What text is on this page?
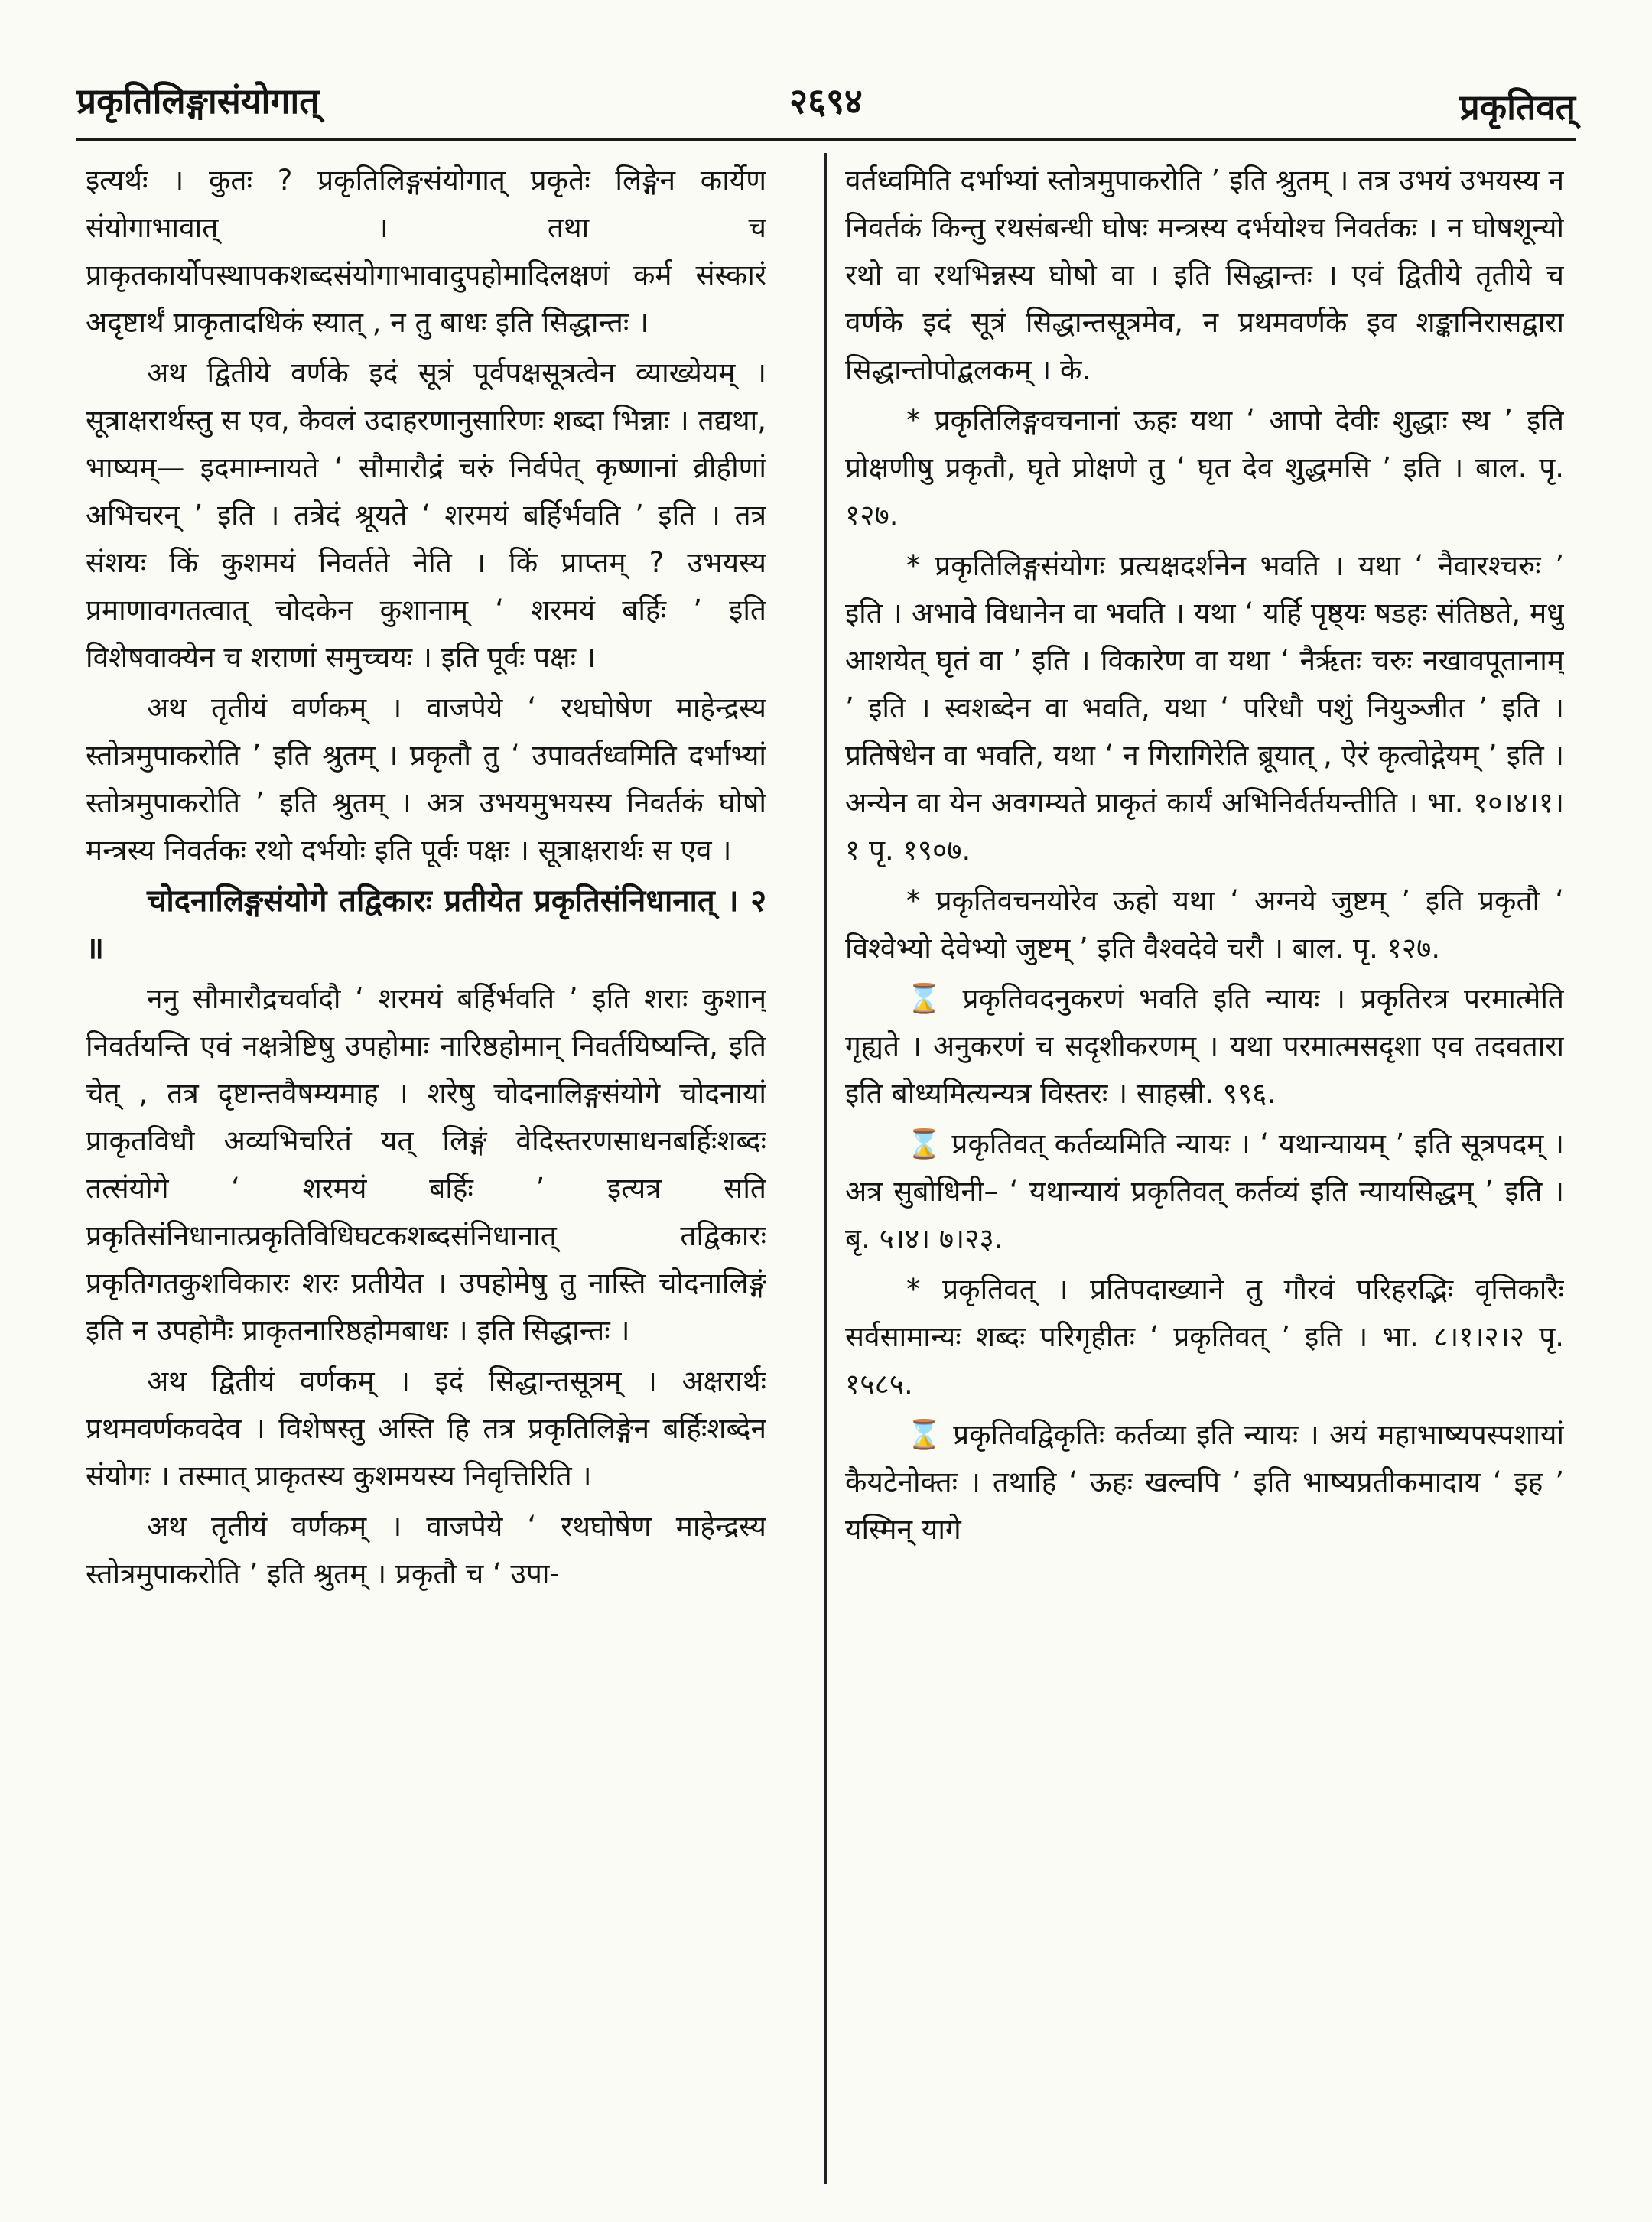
प्रकृतिलिङ्गासंयोगात्	२६९४	प्रकृतिवत्

इत्यर्थः । कुतः ? प्रकृतिलिङ्गसंयोगात् प्रकृतेः लिङ्गेन कार्येण संयोगाभावात् । तथा च प्राकृतकार्योपस्थापकशब्दसंयोगाभावादुपहोमादिलक्षणं कर्म संस्कारं अदृष्टार्थं प्राकृतादधिकं स्यात् , न तु बाधः इति सिद्धान्तः ।

अथ द्वितीये वर्णके इदं सूत्रं पूर्वपक्षसूत्रत्वेन व्याख्येयम् । सूत्राक्षरार्थस्तु स एव, केवलं उदाहरणानुसारिणः शब्दा भिन्नाः । तद्यथा, भाष्यम्— इदमाम्नायते ‘ सौमारौद्रं चरुं निर्वपेत् कृष्णानां व्रीहीणां अभिचरन् ’ इति । तत्रेदं श्रूयते ‘ शरमयं बर्हिर्भवति ’ इति । तत्र संशयः किं कुशमयं निवर्तते नेति । किं प्राप्तम् ? उभयस्य प्रमाणावगतत्वात् चोदकेन कुशानाम् ‘ शरमयं बर्हिः ’ इति विशेषवाक्येन च शराणां समुच्चयः । इति पूर्वः पक्षः ।

अथ तृतीयं वर्णकम् । वाजपेये ‘ रथघोषेण माहेन्द्रस्य स्तोत्रमुपाकरोति ’ इति श्रुतम् । प्रकृतौ तु ‘ उपावर्तध्वमिति दर्भाभ्यां स्तोत्रमुपाकरोति ’ इति श्रुतम् । अत्र उभयमुभयस्य निवर्तकं घोषो मन्त्रस्य निवर्तकः रथो दर्भयोः इति पूर्वः पक्षः । सूत्राक्षरार्थः स एव ।

चोदनालिङ्गसंयोगे तद्विकारः प्रतीयेत प्रकृतिसंनिधानात् । २ ॥

ननु सौमारौद्रचर्वादौ ‘ शरमयं बर्हिर्भवति ’ इति शराः कुशान् निवर्तयन्ति एवं नक्षत्रेष्टिषु उपहोमाः नारिष्ठहोमान् निवर्तयिष्यन्ति, इति चेत् , तत्र दृष्टान्तवैषम्यमाह । शरेषु चोदनालिङ्गसंयोगे चोदनायां प्राकृतविधौ अव्यभिचरितं यत् लिङ्गं वेदिस्तरणसाधनबर्हिःशब्दः तत्संयोगे ‘ शरमयं बर्हिः ’ इत्यत्र सति प्रकृतिसंनिधानात्प्रकृतिविधिघटकशब्दसंनिधानात् तद्विकारः प्रकृतिगतकुशविकारः शरः प्रतीयेत । उपहोमेषु तु नास्ति चोदनालिङ्गं इति न उपहोमैः प्राकृतनारिष्ठहोमबाधः । इति सिद्धान्तः ।

अथ द्वितीयं वर्णकम् । इदं सिद्धान्तसूत्रम् । अक्षरार्थः प्रथमवर्णकवदेव । विशेषस्तु अस्ति हि तत्र प्रकृतिलिङ्गेन बर्हिःशब्देन संयोगः । तस्मात् प्राकृतस्य कुशमयस्य निवृत्तिरिति ।

अथ तृतीयं वर्णकम् । वाजपेये ‘ रथघोषेण माहेन्द्रस्य स्तोत्रमुपाकरोति ’ इति श्रुतम् । प्रकृतौ च ‘ उपा-

वर्तध्वमिति दर्भाभ्यां स्तोत्रमुपाकरोति ’ इति श्रुतम् । तत्र उभयं उभयस्य न निवर्तकं किन्तु रथसंबन्धी घोषः मन्त्रस्य दर्भयोश्च निवर्तकः । न घोषशून्यो रथो वा रथभिन्नस्य घोषो वा । इति सिद्धान्तः । एवं द्वितीये तृतीये च वर्णके इदं सूत्रं सिद्धान्तसूत्रमेव, न प्रथमवर्णके इव शङ्कानिरासद्वारा सिद्धान्तोपोद्बलकम् । के.

* प्रकृतिलिङ्गवचनानां ऊहः यथा ‘ आपो देवीः शुद्धाः स्थ ’ इति प्रोक्षणीषु प्रकृतौ, घृते प्रोक्षणे तु ‘ घृत देव शुद्धमसि ’ इति । बाल. पृ. १२७.

* प्रकृतिलिङ्गसंयोगः प्रत्यक्षदर्शनेन भवति । यथा ‘ नैवारश्चरुः ’ इति । अभावे विधानेन वा भवति । यथा ‘ यर्हि पृष्ठ्यः षडहः संतिष्ठते, मधु आशयेत् घृतं वा ’ इति । विकारेण वा यथा ‘ नैर्ऋतः चरुः नखावपूतानाम् ’ इति । स्वशब्देन वा भवति, यथा ‘ परिधौ पशुं नियुञ्जीत ’ इति । प्रतिषेधेन वा भवति, यथा ‘ न गिरागिरेति ब्रूयात् , ऐरं कृत्वोद्गेयम् ’ इति । अन्येन वा येन अवगम्यते प्राकृतं कार्यं अभिनिर्वर्तयन्तीति । भा. १०।४।१।१ पृ. १९०७.

* प्रकृतिवचनयोरेव ऊहो यथा ‘ अग्नये जुष्टम् ’ इति प्रकृतौ ‘ विश्वेभ्यो देवेभ्यो जुष्टम् ’ इति वैश्वदेवे चरौ । बाल. पृ. १२७.

⌛ प्रकृतिवदनुकरणं भवति इति न्यायः । प्रकृतिरत्र परमात्मेति गृह्यते । अनुकरणं च सदृशीकरणम् । यथा परमात्मसदृशा एव तदवतारा इति बोध्यमित्यन्यत्र विस्तरः । साहस्री. ९९६.

⌛ प्रकृतिवत् कर्तव्यमिति न्यायः । ‘ यथान्यायम् ’ इति सूत्रपदम् । अत्र सुबोधिनी– ‘ यथान्यायं प्रकृतिवत् कर्तव्यं इति न्यायसिद्धम् ’ इति । बृ. ५।४। ७।२३.

* प्रकृतिवत् । प्रतिपदाख्याने तु गौरवं परिहरद्भिः वृत्तिकारैः सर्वसामान्यः शब्दः परिगृहीतः ‘ प्रकृतिवत् ’ इति । भा. ८।१।२।२ पृ. १५८५.

⌛ प्रकृतिवद्विकृतिः कर्तव्या इति न्यायः । अयं महाभाष्यपस्पशायां कैयटेनोक्तः । तथाहि ‘ ऊहः खल्वपि ’ इति भाष्यप्रतीकमादाय ‘ इह ’ यस्मिन् यागे
